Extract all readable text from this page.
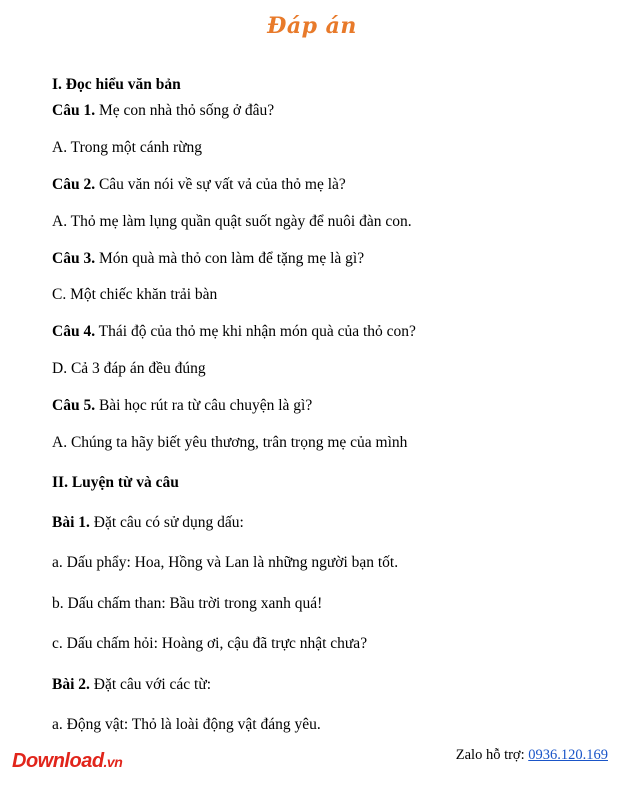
Đáp án
I. Đọc hiểu văn bản
Câu 1. Mẹ con nhà thỏ sống ở đâu?
A. Trong một cánh rừng
Câu 2. Câu văn nói về sự vất vả của thỏ mẹ là?
A. Thỏ mẹ làm lụng quần quật suốt ngày để nuôi đàn con.
Câu 3. Món quà mà thỏ con làm để tặng mẹ là gì?
C. Một chiếc khăn trải bàn
Câu 4. Thái độ của thỏ mẹ khi nhận món quà của thỏ con?
D. Cả 3 đáp án đều đúng
Câu 5. Bài học rút ra từ câu chuyện là gì?
A. Chúng ta hãy biết yêu thương, trân trọng mẹ của mình
II. Luyện từ và câu
Bài 1. Đặt câu có sử dụng dấu:
a. Dấu phẩy: Hoa, Hồng và Lan là những người bạn tốt.
b. Dấu chấm than: Bầu trời trong xanh quá!
c. Dấu chấm hỏi: Hoàng ơi, cậu đã trực nhật chưa?
Bài 2. Đặt câu với các từ:
a. Động vật: Thỏ là loài động vật đáng yêu.
Download.vn	Zalo hỗ trợ: 0936.120.169
